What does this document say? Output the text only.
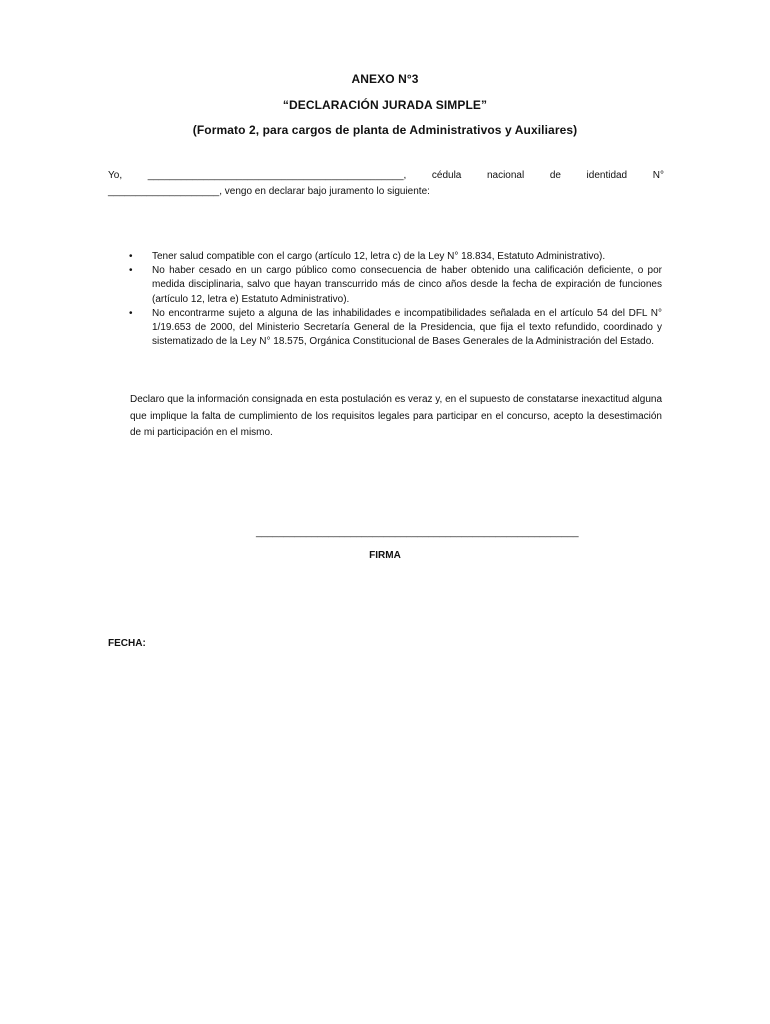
ANEXO N°3
“DECLARACIÓN JURADA SIMPLE”
(Formato 2, para cargos de planta de Administrativos y Auxiliares)
Yo,	______________________________________________,	cédula	nacional	de	identidad	N°
____________________, vengo en declarar bajo juramento lo siguiente:
• Tener salud compatible con el cargo (artículo 12, letra c) de la Ley N° 18.834, Estatuto Administrativo).
• No haber cesado en un cargo público como consecuencia de haber obtenido una calificación deficiente, o por medida disciplinaria, salvo que hayan transcurrido más de cinco años desde la fecha de expiración de funciones (artículo 12, letra e) Estatuto Administrativo).
• No encontrarme sujeto a alguna de las inhabilidades e incompatibilidades señalada en el artículo 54 del DFL N° 1/19.653 de 2000, del Ministerio Secretaría General de la Presidencia, que fija el texto refundido, coordinado y sistematizado de la Ley N° 18.575, Orgánica Constitucional de Bases Generales de la Administración del Estado.
Declaro que la información consignada en esta postulación es veraz y, en el supuesto de constatarse inexactitud alguna que implique la falta de cumplimiento de los requisitos legales para participar en el concurso, acepto la desestimación de mi participación en el mismo.
__________________________________________________________
FIRMA
FECHA:
